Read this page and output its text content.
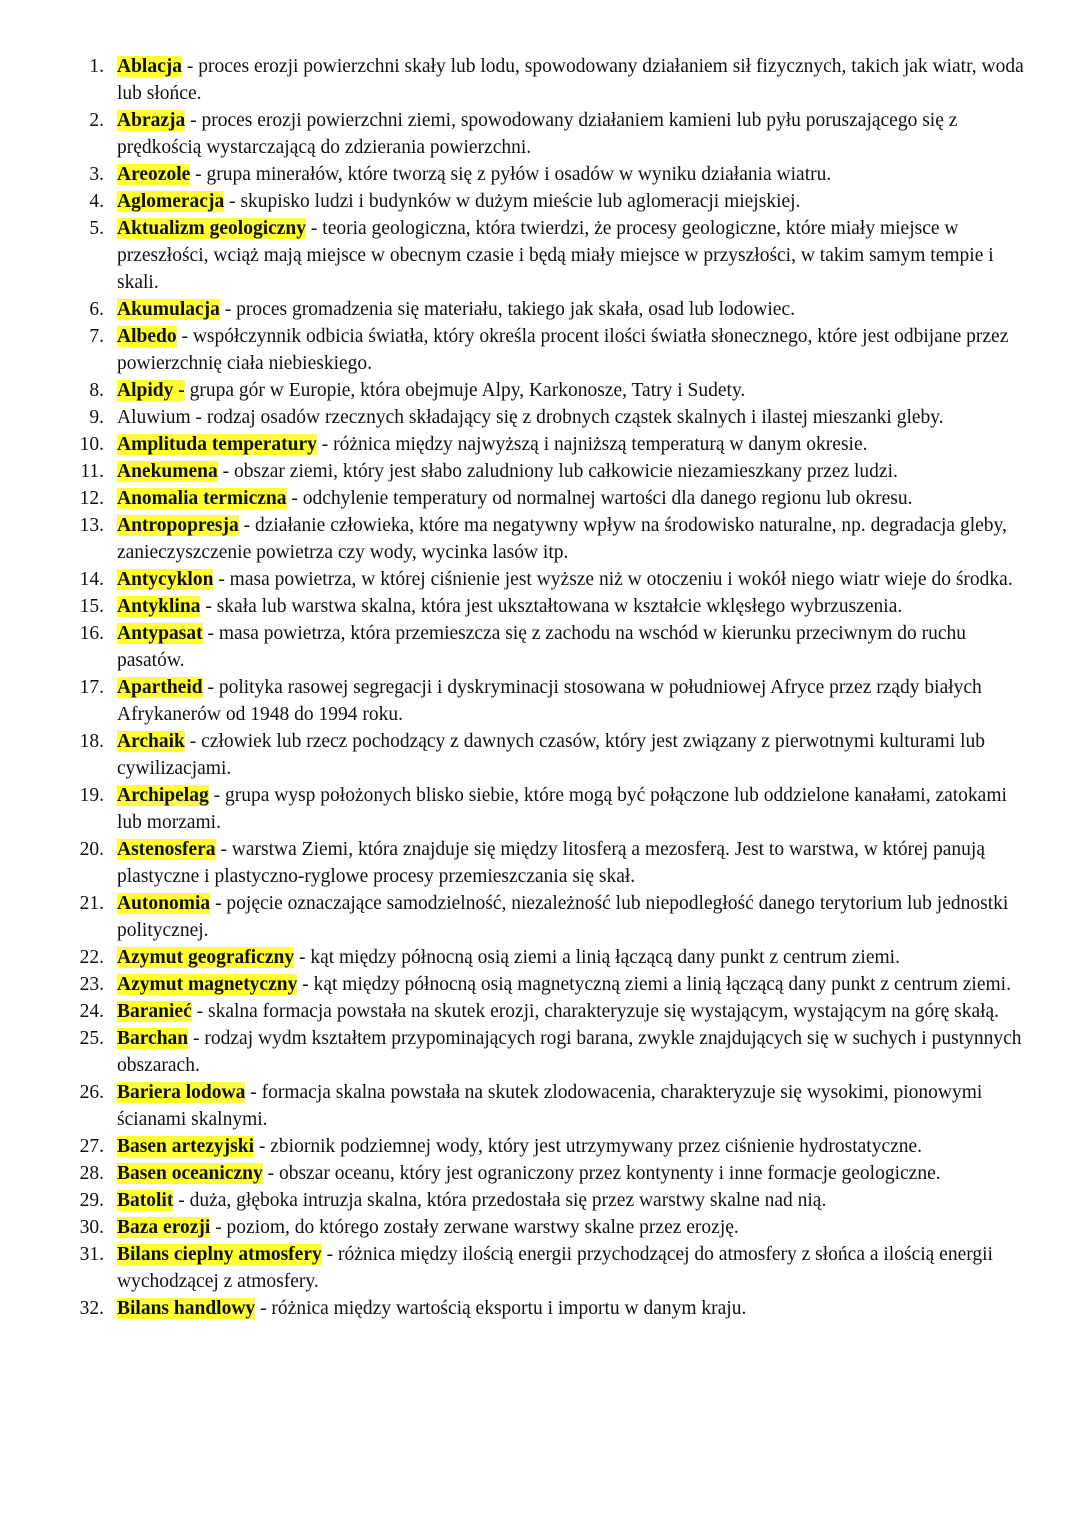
1. Ablacja - proces erozji powierzchni skały lub lodu, spowodowany działaniem sił fizycznych, takich jak wiatr, woda lub słońce.
2. Abrazja - proces erozji powierzchni ziemi, spowodowany działaniem kamieni lub pyłu poruszającego się z prędkością wystarczającą do zdzierania powierzchni.
3. Areozole - grupa minerałów, które tworzą się z pyłów i osadów w wyniku działania wiatru.
4. Aglomeracja - skupisko ludzi i budynków w dużym mieście lub aglomeracji miejskiej.
5. Aktualizm geologiczny - teoria geologiczna, która twierdzi, że procesy geologiczne, które miały miejsce w przeszłości, wciąż mają miejsce w obecnym czasie i będą miały miejsce w przyszłości, w takim samym tempie i skali.
6. Akumulacja - proces gromadzenia się materiału, takiego jak skała, osad lub lodowiec.
7. Albedo - współczynnik odbicia światła, który określa procent ilości światła słonecznego, które jest odbijane przez powierzchnię ciała niebieskiego.
8. Alpidy - grupa gór w Europie, która obejmuje Alpy, Karkonosze, Tatry i Sudety.
9. Aluwium - rodzaj osadów rzecznych składający się z drobnych cząstek skalnych i ilastej mieszanki gleby.
10. Amplituda temperatury - różnica między najwyższą i najniższą temperaturą w danym okresie.
11. Anekumena - obszar ziemi, który jest słabo zaludniony lub całkowicie niezamieszkany przez ludzi.
12. Anomalia termiczna - odchylenie temperatury od normalnej wartości dla danego regionu lub okresu.
13. Antropopresja - działanie człowieka, które ma negatywny wpływ na środowisko naturalne, np. degradacja gleby, zanieczyszczenie powietrza czy wody, wycinka lasów itp.
14. Antycyklon - masa powietrza, w której ciśnienie jest wyższe niż w otoczeniu i wokół niego wiatr wieje do środka.
15. Antyklina - skała lub warstwa skalna, która jest ukształtowana w kształcie wklęsłego wybrzuszenia.
16. Antypasat - masa powietrza, która przemieszcza się z zachodu na wschód w kierunku przeciwnym do ruchu pasatów.
17. Apartheid - polityka rasowej segregacji i dyskryminacji stosowana w południowej Afryce przez rządy białych Afrykanerów od 1948 do 1994 roku.
18. Archaik - człowiek lub rzecz pochodzący z dawnych czasów, który jest związany z pierwotnymi kulturami lub cywilizacjami.
19. Archipelag - grupa wysp położonych blisko siebie, które mogą być połączone lub oddzielone kanałami, zatokami lub morzami.
20. Astenosfera - warstwa Ziemi, która znajduje się między litosferą a mezosferą. Jest to warstwa, w której panują plastyczne i plastyczno-ryglowe procesy przemieszczania się skał.
21. Autonomia - pojęcie oznaczające samodzielność, niezależność lub niepodległość danego terytorium lub jednostki politycznej.
22. Azymut geograficzny - kąt między północną osią ziemi a linią łączącą dany punkt z centrum ziemi.
23. Azymut magnetyczny - kąt między północną osią magnetyczną ziemi a linią łączącą dany punkt z centrum ziemi.
24. Baranieć - skalna formacja powstała na skutek erozji, charakteryzuje się wystającym, wystającym na górę skałą.
25. Barchan - rodzaj wydm kształtem przypominających rogi barana, zwykle znajdujących się w suchych i pustynnych obszarach.
26. Bariera lodowa - formacja skalna powstała na skutek zlodowacenia, charakteryzuje się wysokimi, pionowymi ścianami skalnymi.
27. Basen artezyjski - zbiornik podziemnej wody, który jest utrzymywany przez ciśnienie hydrostatyczne.
28. Basen oceaniczny - obszar oceanu, który jest ograniczony przez kontynenty i inne formacje geologiczne.
29. Batolit - duża, głęboka intruzja skalna, która przedostała się przez warstwy skalne nad nią.
30. Baza erozji - poziom, do którego zostały zerwane warstwy skalne przez erozję.
31. Bilans cieplny atmosfery - różnica między ilością energii przychodzącej do atmosfery z słońca a ilością energii wychodzącej z atmosfery.
32. Bilans handlowy - różnica między wartością eksportu i importu w danym kraju.
